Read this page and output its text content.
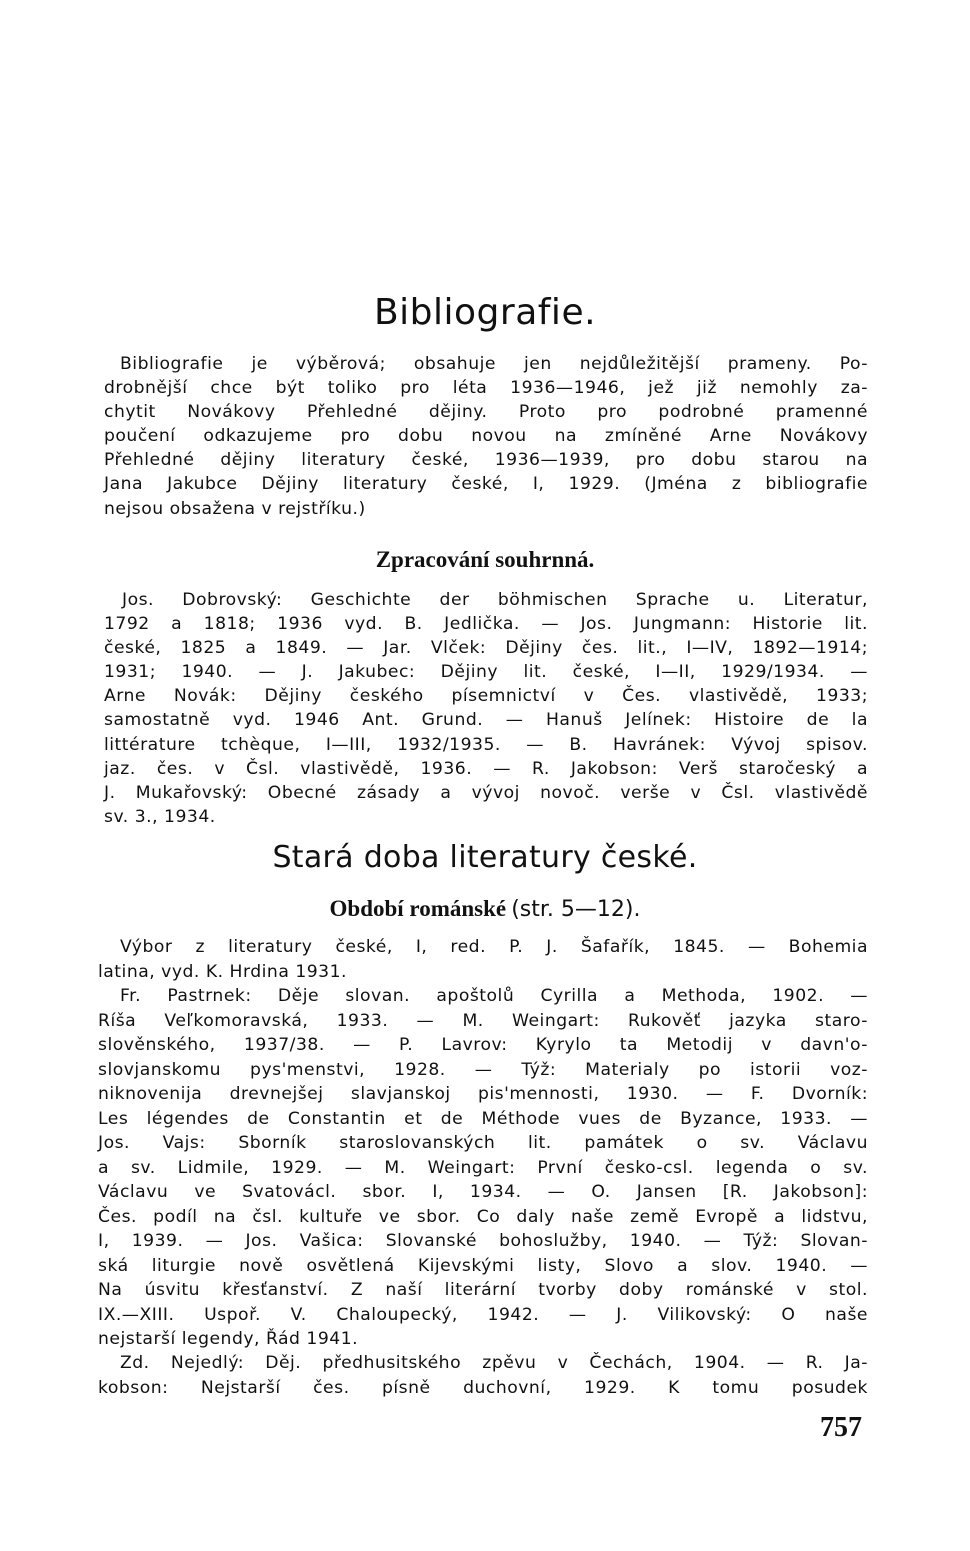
Bibliografie.
Bibliografie je výběrová; obsahuje jen nejdůležitější prameny. Po-
drobnější chce být toliko pro léta 1936—1946, jež již nemohly za-
chytit Novákovy Přehledné dějiny. Proto pro podrobné pramenné
poučení odkazujeme pro dobu novou na zmíněné Arne Novákovy
Přehledné dějiny literatury české, 1936—1939, pro dobu starou na
Jana Jakubce Dějiny literatury české, I, 1929. (Jména z bibliografie
nejsou obsažena v rejstříku.)
Zpracování souhrnná.
Jos. Dobrovský: Geschichte der böhmischen Sprache u. Literatur,
1792 a 1818; 1936 vyd. B. Jedlička. — Jos. Jungmann: Historie lit.
české, 1825 a 1849. — Jar. Vlček: Dějiny čes. lit., I—IV, 1892—1914;
1931; 1940. — J. Jakubec: Dějiny lit. české, I—II, 1929/1934. —
Arne Novák: Dějiny českého písemnictví v Čes. vlastivědě, 1933;
samostatně vyd. 1946 Ant. Grund. — Hanuš Jelínek: Histoire de la
littérature tchèque, I—III, 1932/1935. — B. Havránek: Vývoj spisov.
jaz. čes. v Čsl. vlastivědě, 1936. — R. Jakobson: Verš staročeský a
J. Mukařovský: Obecné zásady a vývoj novoč. verše v Čsl. vlastivědě
sv. 3., 1934.
Stará doba literatury české.
Období románské (str. 5—12).
Výbor z literatury české, I, red. P. J. Šafařík, 1845. — Bohemia
latina, vyd. K. Hrdina 1931.
Fr. Pastrnek: Děje slovan. apoštolů Cyrilla a Methoda, 1902. —
Ríša Veľkomoravská, 1933. — M. Weingart: Rukověť jazyka staro-
slověnského, 1937/38. — P. Lavrov: Kyrylo ta Metodij v davn'o-
slovjanskomu pys'menstvi, 1928. — Týž: Materialy po istorii voz-
niknovenija drevnejšej slavjanskoj pis'mennosti, 1930. — F. Dvorník:
Les légendes de Constantin et de Méthode vues de Byzance, 1933. —
Jos. Vajs: Sborník staroslovanských lit. památek o sv. Václavu
a sv. Lidmile, 1929. — M. Weingart: První česko-csl. legenda o sv.
Václavu ve Svatovácl. sbor. I, 1934. — O. Jansen [R. Jakobson]:
Čes. podíl na čsl. kultuře ve sbor. Co daly naše země Evropě a lidstvu,
I, 1939. — Jos. Vašica: Slovanské bohoslužby, 1940. — Týž: Slovan-
ská liturgie nově osvětlená Kijevskými listy, Slovo a slov. 1940. —
Na úsvitu křesťanství. Z naší literární tvorby doby románské v stol.
IX.—XIII. Uspoř. V. Chaloupecký, 1942. — J. Vilikovský: O naše
nejstarší legendy, Řád 1941.
Zd. Nejedlý: Děj. předhusitského zpěvu v Čechách, 1904. — R. Ja-
kobson: Nejstarší čes. písně duchovní, 1929. K tomu posudek
757
